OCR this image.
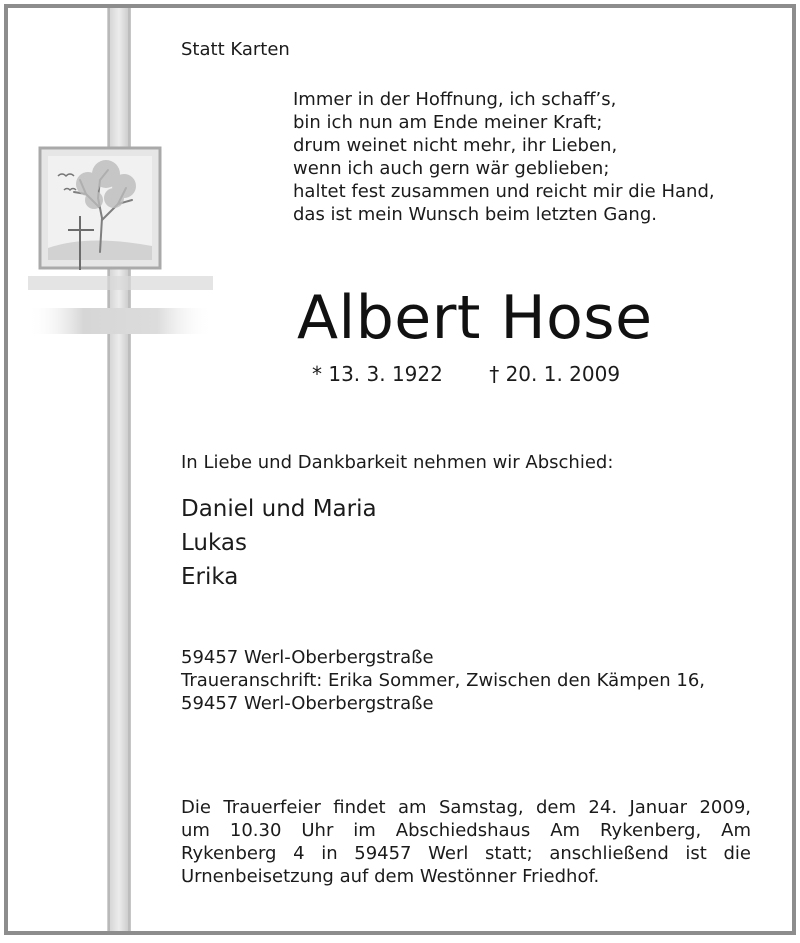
Statt Karten

Immer in der Hoffnung, ich schaff’s,
bin ich nun am Ende meiner Kraft;
drum weinet nicht mehr, ihr Lieben,
wenn ich auch gern wär geblieben;
haltet fest zusammen und reicht mir die Hand,
das ist mein Wunsch beim letzten Gang.
Albert Hose
* 13. 3. 1922 † 20. 1. 2009

In Liebe und Dankbarkeit nehmen wir Abschied:

Daniel und Maria
Lukas
Erika
59457 Werl-Oberbergstraße
Traueranschrift: Erika Sommer, Zwischen den Kämpen 16,
59457 Werl-Oberbergstraße
Die Trauerfeier findet am Samstag, dem 24. Januar 2009,
um 10.30 Uhr im Abschiedshaus Am Rykenberg, Am
Rykenberg 4 in 59457 Werl statt; anschließend ist die
Urnenbeisetzung auf dem Westönner Friedhof.
